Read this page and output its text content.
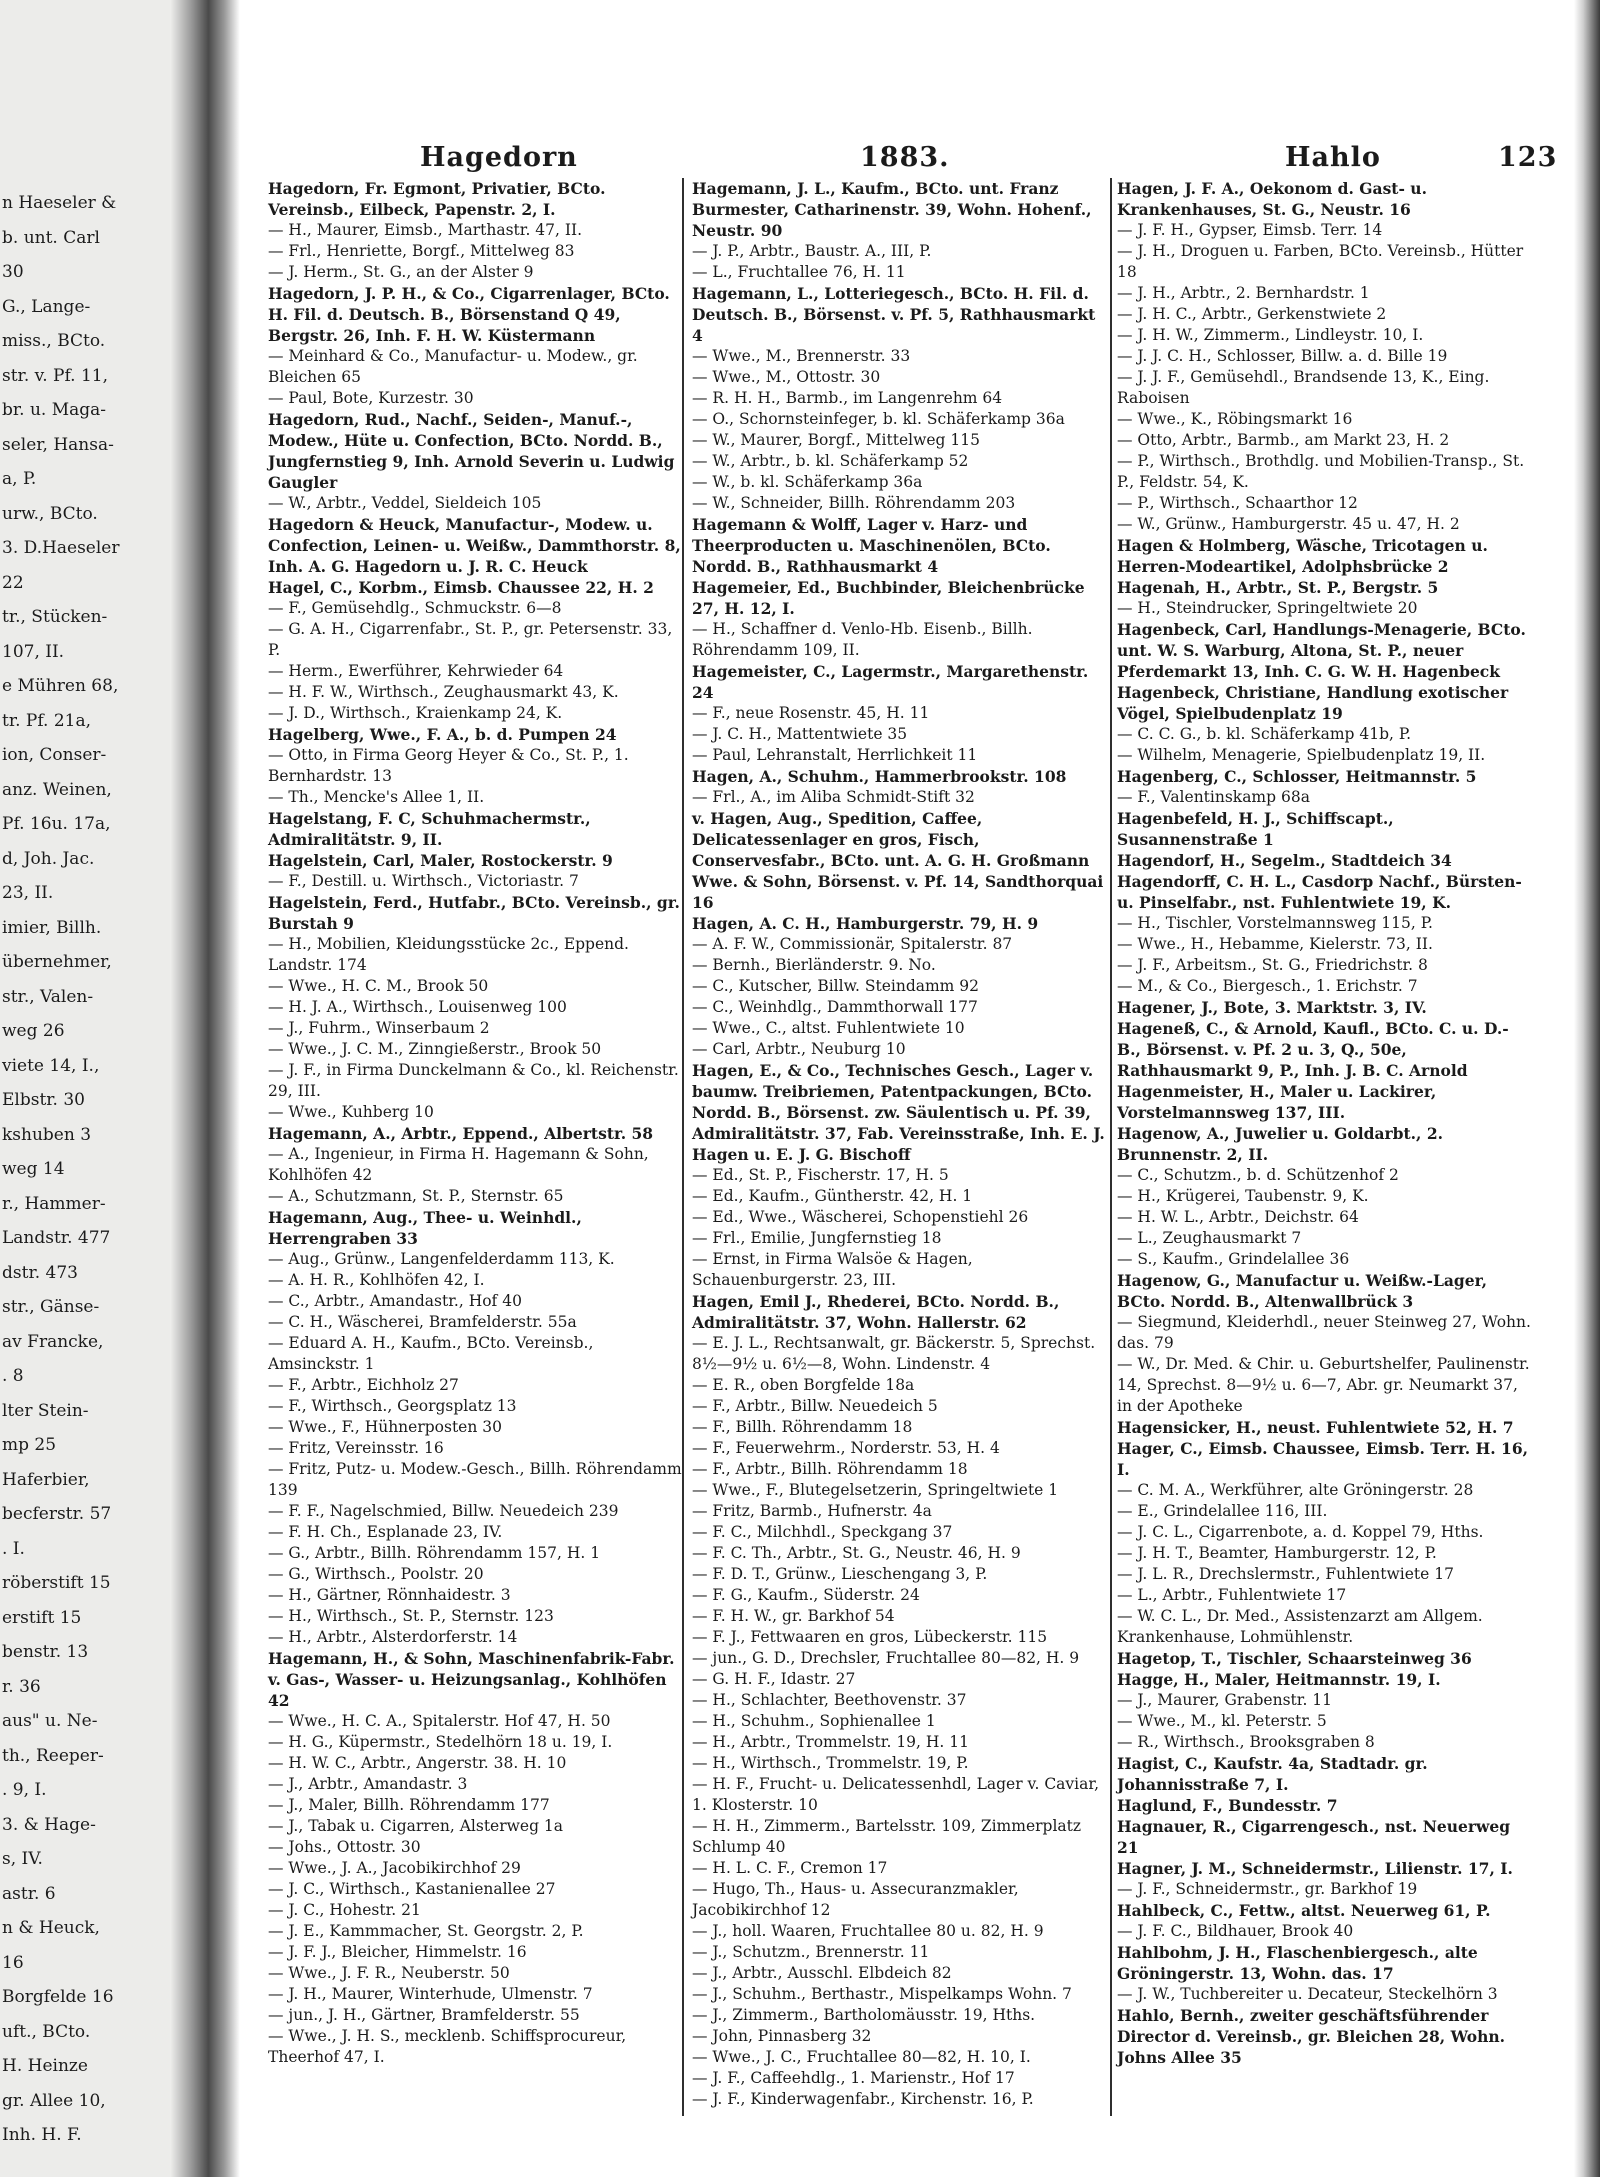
n Haeseler &
b. unt. Carl
30
G., Lange-
miss., BCto.
str. v. Pf. 11,
br. u. Maga-
seler, Hansa-
a, P.
urw., BCto.
3. D.Haeseler
22
tr., Stücken-
107, II.
e Mühren 68,
tr. Pf. 21a,
ion, Conser-
anz. Weinen,
Pf. 16u. 17a,
d, Joh. Jac.
23, II.
imier, Billh.
übernehmer,
str., Valen-
weg 26
viete 14, I.,
Elbstr. 30
kshuben 3
weg 14
r., Hammer-
Landstr. 477
dstr. 473
str., Gänse-
av Francke,
. 8
lter Stein-
mp 25
Haferbier,
becferstr. 57
. I.
röberstift 15
erstift 15
benstr. 13
r. 36
aus" u. Ne-
th., Reeper-
. 9, I.
3. & Hage-
s, IV.
astr. 6
n & Heuck,
16
Borgfelde 16
uft., BCto.
H. Heinze
gr. Allee 10,
Inh. H. F.
Hagedorn	1883.	Hahlo	123

Hagedorn, Fr. Egmont, Privatier, BCto. Vereinsb., Eilbeck, Papenstr. 2, I.

— H., Maurer, Eimsb., Marthastr. 47, II.

— Frl., Henriette, Borgf., Mittelweg 83

— J. Herm., St. G., an der Alster 9

Hagedorn, J. P. H., & Co., Cigarrenlager, BCto. H. Fil. d. Deutsch. B., Börsenstand Q 49, Bergstr. 26, Inh. F. H. W. Küstermann

— Meinhard & Co., Manufactur- u. Modew., gr. Bleichen 65

— Paul, Bote, Kurzestr. 30

Hagedorn, Rud., Nachf., Seiden-, Manuf.-, Modew., Hüte u. Confection, BCto. Nordd. B., Jungfernstieg 9, Inh. Arnold Severin u. Ludwig Gaugler

— W., Arbtr., Veddel, Sieldeich 105

Hagedorn & Heuck, Manufactur-, Modew. u. Confection, Leinen- u. Weißw., Dammthorstr. 8, Inh. A. G. Hagedorn u. J. R. C. Heuck

Hagel, C., Korbm., Eimsb. Chaussee 22, H. 2

— F., Gemüsehdlg., Schmuckstr. 6—8

— G. A. H., Cigarrenfabr., St. P., gr. Petersenstr. 33, P.

— Herm., Ewerführer, Kehrwieder 64

— H. F. W., Wirthsch., Zeughausmarkt 43, K.

— J. D., Wirthsch., Kraienkamp 24, K.

Hagelberg, Wwe., F. A., b. d. Pumpen 24

— Otto, in Firma Georg Heyer & Co., St. P., 1. Bernhardstr. 13

— Th., Mencke's Allee 1, II.

Hagelstang, F. C, Schuhmachermstr., Admiralitätstr. 9, II.

Hagelstein, Carl, Maler, Rostockerstr. 9

— F., Destill. u. Wirthsch., Victoriastr. 7

Hagelstein, Ferd., Hutfabr., BCto. Vereinsb., gr. Burstah 9

— H., Mobilien, Kleidungsstücke 2c., Eppend. Landstr. 174

— Wwe., H. C. M., Brook 50

— H. J. A., Wirthsch., Louisenweg 100

— J., Fuhrm., Winserbaum 2

— Wwe., J. C. M., Zinngießerstr., Brook 50

— J. F., in Firma Dunckelmann & Co., kl. Reichenstr. 29, III.

— Wwe., Kuhberg 10

Hagemann, A., Arbtr., Eppend., Albertstr. 58

— A., Ingenieur, in Firma H. Hagemann & Sohn, Kohlhöfen 42

— A., Schutzmann, St. P., Sternstr. 65

Hagemann, Aug., Thee- u. Weinhdl., Herrengraben 33

— Aug., Grünw., Langenfelderdamm 113, K.

— A. H. R., Kohlhöfen 42, I.

— C., Arbtr., Amandastr., Hof 40

— C. H., Wäscherei, Bramfelderstr. 55a

— Eduard A. H., Kaufm., BCto. Vereinsb., Amsinckstr. 1

— F., Arbtr., Eichholz 27

— F., Wirthsch., Georgsplatz 13

— Wwe., F., Hühnerposten 30

— Fritz, Vereinsstr. 16

— Fritz, Putz- u. Modew.-Gesch., Billh. Röhrendamm 139

— F. F., Nagelschmied, Billw. Neuedeich 239

— F. H. Ch., Esplanade 23, IV.

— G., Arbtr., Billh. Röhrendamm 157, H. 1

— G., Wirthsch., Poolstr. 20

— H., Gärtner, Rönnhaidestr. 3

— H., Wirthsch., St. P., Sternstr. 123

— H., Arbtr., Alsterdorferstr. 14

Hagemann, H., & Sohn, Maschinenfabrik-Fabr. v. Gas-, Wasser- u. Heizungsanlag., Kohlhöfen 42

— Wwe., H. C. A., Spitalerstr. Hof 47, H. 50

— H. G., Küpermstr., Stedelhörn 18 u. 19, I.

— H. W. C., Arbtr., Angerstr. 38. H. 10

— J., Arbtr., Amandastr. 3

— J., Maler, Billh. Röhrendamm 177

— J., Tabak u. Cigarren, Alsterweg 1a

— Johs., Ottostr. 30

— Wwe., J. A., Jacobikirchhof 29

— J. C., Wirthsch., Kastanienallee 27

— J. C., Hohestr. 21

— J. E., Kammmacher, St. Georgstr. 2, P.

— J. F. J., Bleicher, Himmelstr. 16

— Wwe., J. F. R., Neuberstr. 50

— J. H., Maurer, Winterhude, Ulmenstr. 7

— jun., J. H., Gärtner, Bramfelderstr. 55

— Wwe., J. H. S., mecklenb. Schiffsprocureur, Theerhof 47, I.

Hagemann, J. L., Kaufm., BCto. unt. Franz Burmester, Catharinenstr. 39, Wohn. Hohenf., Neustr. 90

— J. P., Arbtr., Baustr. A., III, P.

— L., Fruchtallee 76, H. 11

Hagemann, L., Lotteriegesch., BCto. H. Fil. d. Deutsch. B., Börsenst. v. Pf. 5, Rathhausmarkt 4

— Wwe., M., Brennerstr. 33

— Wwe., M., Ottostr. 30

— R. H. H., Barmb., im Langenrehm 64

— O., Schornsteinfeger, b. kl. Schäferkamp 36a

— W., Maurer, Borgf., Mittelweg 115

— W., Arbtr., b. kl. Schäferkamp 52

— W., b. kl. Schäferkamp 36a

— W., Schneider, Billh. Röhrendamm 203

Hagemann & Wolff, Lager v. Harz- und Theerproducten u. Maschinenölen, BCto. Nordd. B., Rathhausmarkt 4

Hagemeier, Ed., Buchbinder, Bleichenbrücke 27, H. 12, I.

— H., Schaffner d. Venlo-Hb. Eisenb., Billh. Röhrendamm 109, II.

Hagemeister, C., Lagermstr., Margarethenstr. 24

— F., neue Rosenstr. 45, H. 11

— J. C. H., Mattentwiete 35

— Paul, Lehranstalt, Herrlichkeit 11

Hagen, A., Schuhm., Hammerbrookstr. 108

— Frl., A., im Aliba Schmidt-Stift 32

v. Hagen, Aug., Spedition, Caffee, Delicatessenlager en gros, Fisch, Conservesfabr., BCto. unt. A. G. H. Großmann Wwe. & Sohn, Börsenst. v. Pf. 14, Sandthorquai 16

Hagen, A. C. H., Hamburgerstr. 79, H. 9

— A. F. W., Commissionär, Spitalerstr. 87

— Bernh., Bierländerstr. 9. No.

— C., Kutscher, Billw. Steindamm 92

— C., Weinhdlg., Dammthorwall 177

— Wwe., C., altst. Fuhlentwiete 10

— Carl, Arbtr., Neuburg 10

Hagen, E., & Co., Technisches Gesch., Lager v. baumw. Treibriemen, Patentpackungen, BCto. Nordd. B., Börsenst. zw. Säulentisch u. Pf. 39, Admiralitätstr. 37, Fab. Vereinsstraße, Inh. E. J. Hagen u. E. J. G. Bischoff

— Ed., St. P., Fischerstr. 17, H. 5

— Ed., Kaufm., Güntherstr. 42, H. 1

— Ed., Wwe., Wäscherei, Schopenstiehl 26

— Frl., Emilie, Jungfernstieg 18

— Ernst, in Firma Walsöe & Hagen, Schauenburgerstr. 23, III.

Hagen, Emil J., Rhederei, BCto. Nordd. B., Admiralitätstr. 37, Wohn. Hallerstr. 62

— E. J. L., Rechtsanwalt, gr. Bäckerstr. 5, Sprechst. 8½—9½ u. 6½—8, Wohn. Lindenstr. 4

— E. R., oben Borgfelde 18a

— F., Arbtr., Billw. Neuedeich 5

— F., Billh. Röhrendamm 18

— F., Feuerwehrm., Norderstr. 53, H. 4

— F., Arbtr., Billh. Röhrendamm 18

— Wwe., F., Blutegelsetzerin, Springeltwiete 1

— Fritz, Barmb., Hufnerstr. 4a

— F. C., Milchhdl., Speckgang 37

— F. C. Th., Arbtr., St. G., Neustr. 46, H. 9

— F. D. T., Grünw., Lieschengang 3, P.

— F. G., Kaufm., Süderstr. 24

— F. H. W., gr. Barkhof 54

— F. J., Fettwaaren en gros, Lübeckerstr. 115

— jun., G. D., Drechsler, Fruchtallee 80—82, H. 9

— G. H. F., Idastr. 27

— H., Schlachter, Beethovenstr. 37

— H., Schuhm., Sophienallee 1

— H., Arbtr., Trommelstr. 19, H. 11

— H., Wirthsch., Trommelstr. 19, P.

— H. F., Frucht- u. Delicatessenhdl, Lager v. Caviar, 1. Klosterstr. 10

— H. H., Zimmerm., Bartelsstr. 109, Zimmerplatz Schlump 40

— H. L. C. F., Cremon 17

— Hugo, Th., Haus- u. Assecuranzmakler, Jacobikirchhof 12

— J., holl. Waaren, Fruchtallee 80 u. 82, H. 9

— J., Schutzm., Brennerstr. 11

— J., Arbtr., Ausschl. Elbdeich 82

— J., Schuhm., Berthastr., Mispelkamps Wohn. 7

— J., Zimmerm., Bartholomäusstr. 19, Hths.

— John, Pinnasberg 32

— Wwe., J. C., Fruchtallee 80—82, H. 10, I.

— J. F., Caffeehdlg., 1. Marienstr., Hof 17

— J. F., Kinderwagenfabr., Kirchenstr. 16, P.

Hagen, J. F. A., Oekonom d. Gast- u. Krankenhauses, St. G., Neustr. 16

— J. F. H., Gypser, Eimsb. Terr. 14

— J. H., Droguen u. Farben, BCto. Vereinsb., Hütter 18

— J. H., Arbtr., 2. Bernhardstr. 1

— J. H. C., Arbtr., Gerkenstwiete 2

— J. H. W., Zimmerm., Lindleystr. 10, I.

— J. J. C. H., Schlosser, Billw. a. d. Bille 19

— J. J. F., Gemüsehdl., Brandsende 13, K., Eing. Raboisen

— Wwe., K., Röbingsmarkt 16

— Otto, Arbtr., Barmb., am Markt 23, H. 2

— P., Wirthsch., Brothdlg. und Mobilien-Transp., St. P., Feldstr. 54, K.

— P., Wirthsch., Schaarthor 12

— W., Grünw., Hamburgerstr. 45 u. 47, H. 2

Hagen & Holmberg, Wäsche, Tricotagen u. Herren-Modeartikel, Adolphsbrücke 2

Hagenah, H., Arbtr., St. P., Bergstr. 5

— H., Steindrucker, Springeltwiete 20

Hagenbeck, Carl, Handlungs-Menagerie, BCto. unt. W. S. Warburg, Altona, St. P., neuer Pferdemarkt 13, Inh. C. G. W. H. Hagenbeck

Hagenbeck, Christiane, Handlung exotischer Vögel, Spielbudenplatz 19

— C. C. G., b. kl. Schäferkamp 41b, P.

— Wilhelm, Menagerie, Spielbudenplatz 19, II.

Hagenberg, C., Schlosser, Heitmannstr. 5

— F., Valentinskamp 68a

Hagenbefeld, H. J., Schiffscapt., Susannenstraße 1

Hagendorf, H., Segelm., Stadtdeich 34

Hagendorff, C. H. L., Casdorp Nachf., Bürsten- u. Pinselfabr., nst. Fuhlentwiete 19, K.

— H., Tischler, Vorstelmannsweg 115, P.

— Wwe., H., Hebamme, Kielerstr. 73, II.

— J. F., Arbeitsm., St. G., Friedrichstr. 8

— M., & Co., Biergesch., 1. Erichstr. 7

Hagener, J., Bote, 3. Marktstr. 3, IV.

Hageneß, C., & Arnold, Kaufl., BCto. C. u. D.-B., Börsenst. v. Pf. 2 u. 3, Q., 50e, Rathhausmarkt 9, P., Inh. J. B. C. Arnold

Hagenmeister, H., Maler u. Lackirer, Vorstelmannsweg 137, III.

Hagenow, A., Juwelier u. Goldarbt., 2. Brunnenstr. 2, II.

— C., Schutzm., b. d. Schützenhof 2

— H., Krügerei, Taubenstr. 9, K.

— H. W. L., Arbtr., Deichstr. 64

— L., Zeughausmarkt 7

— S., Kaufm., Grindelallee 36

Hagenow, G., Manufactur u. Weißw.-Lager, BCto. Nordd. B., Altenwallbrück 3

— Siegmund, Kleiderhdl., neuer Steinweg 27, Wohn. das. 79

— W., Dr. Med. & Chir. u. Geburtshelfer, Paulinenstr. 14, Sprechst. 8—9½ u. 6—7, Abr. gr. Neumarkt 37, in der Apotheke

Hagensicker, H., neust. Fuhlentwiete 52, H. 7

Hager, C., Eimsb. Chaussee, Eimsb. Terr. H. 16, I.

— C. M. A., Werkführer, alte Gröningerstr. 28

— E., Grindelallee 116, III.

— J. C. L., Cigarrenbote, a. d. Koppel 79, Hths.

— J. H. T., Beamter, Hamburgerstr. 12, P.

— J. L. R., Drechslermstr., Fuhlentwiete 17

— L., Arbtr., Fuhlentwiete 17

— W. C. L., Dr. Med., Assistenzarzt am Allgem. Krankenhause, Lohmühlenstr.

Hagetop, T., Tischler, Schaarsteinweg 36

Hagge, H., Maler, Heitmannstr. 19, I.

— J., Maurer, Grabenstr. 11

— Wwe., M., kl. Peterstr. 5

— R., Wirthsch., Brooksgraben 8

Hagist, C., Kaufstr. 4a, Stadtadr. gr. Johannisstraße 7, I.

Haglund, F., Bundesstr. 7

Hagnauer, R., Cigarrengesch., nst. Neuerweg 21

Hagner, J. M., Schneidermstr., Lilienstr. 17, I.

— J. F., Schneidermstr., gr. Barkhof 19

Hahlbeck, C., Fettw., altst. Neuerweg 61, P.

— J. F. C., Bildhauer, Brook 40

Hahlbohm, J. H., Flaschenbiergesch., alte Gröningerstr. 13, Wohn. das. 17

— J. W., Tuchbereiter u. Decateur, Steckelhörn 3

Hahlo, Bernh., zweiter geschäftsführender Director d. Vereinsb., gr. Bleichen 28, Wohn. Johns Allee 35
